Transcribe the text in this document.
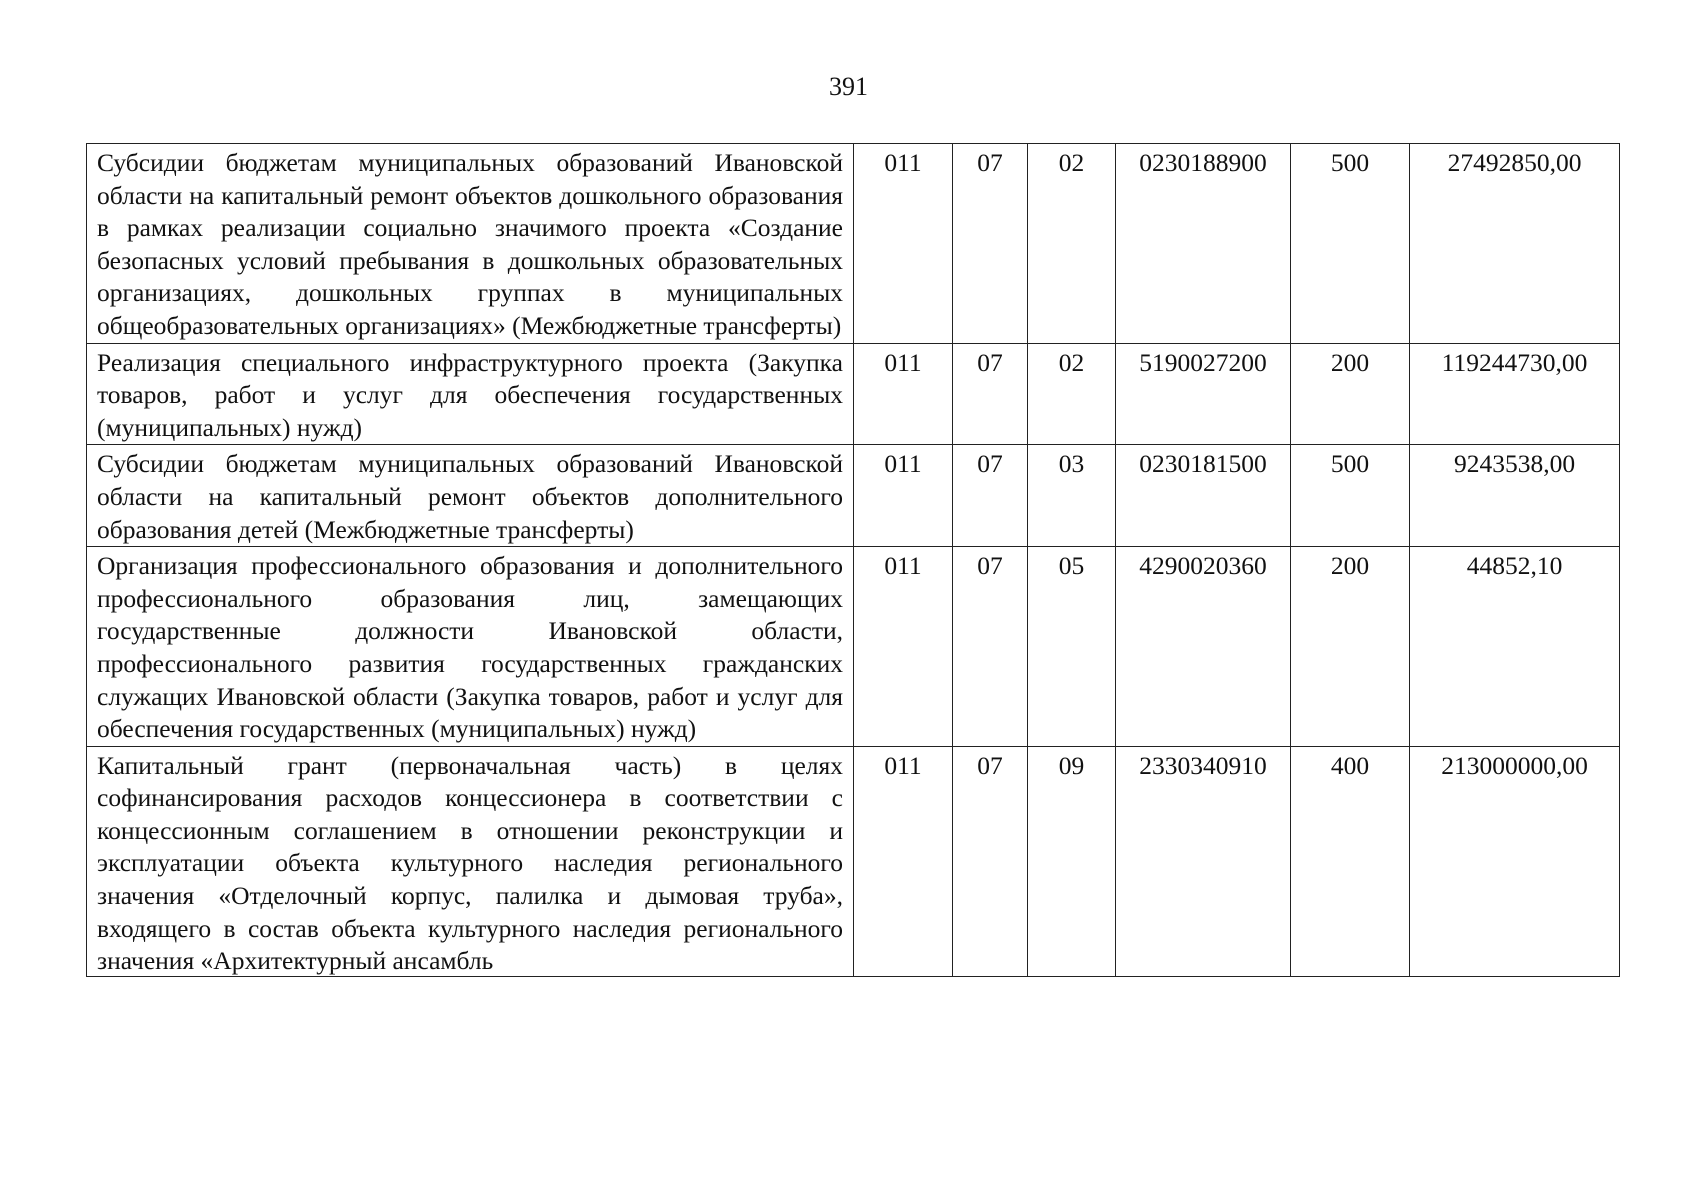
391
Субсидии бюджетам муниципальных образований Ивановской области на капитальный ремонт объектов дошкольного образования в рамках реализации социально значимого проекта «Создание безопасных условий пребывания в дошкольных образовательных организациях, дошкольных группах в муниципальных общеобразовательных организациях» (Межбюджетные трансферты)	011	07	02	0230188900	500	27492850,00

Реализация специального инфраструктурного проекта (Закупка товаров, работ и услуг для обеспечения государственных (муниципальных) нужд)	011	07	02	5190027200	200	119244730,00

Субсидии бюджетам муниципальных образований Ивановской области на капитальный ремонт объектов дополнительного образования детей (Межбюджетные трансферты)	011	07	03	0230181500	500	9243538,00

Организация профессионального образования и дополнительного профессионального образования лиц, замещающих государственные должности Ивановской области, профессионального развития государственных гражданских служащих Ивановской области (Закупка товаров, работ и услуг для обеспечения государственных (муниципальных) нужд)	011	07	05	4290020360	200	44852,10

Капитальный грант (первоначальная часть) в целях софинансирования расходов концессионера в соответствии с концессионным соглашением в отношении реконструкции и эксплуатации объекта культурного наследия регионального значения «Отделочный корпус, палилка и дымовая труба», входящего в состав объекта культурного наследия регионального значения «Архитектурный ансамбль	011	07	09	2330340910	400	213000000,00
